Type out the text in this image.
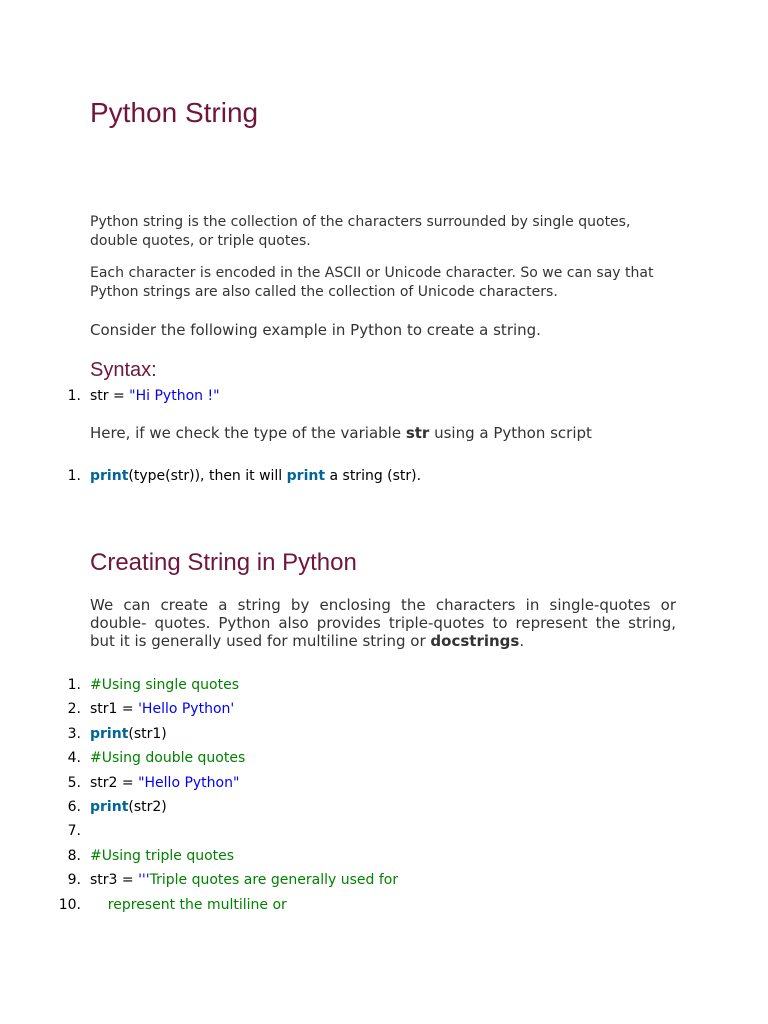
Python String

Python string is the collection of the characters surrounded by single quotes, double quotes, or triple quotes.

Each character is encoded in the ASCII or Unicode character. So we can say that Python strings are also called the collection of Unicode characters.

Consider the following example in Python to create a string.

Syntax:
1. str = "Hi Python !"

Here, if we check the type of the variable str using a Python script

1. print(type(str)), then it will print a string (str).
Creating String in Python

We can create a string by enclosing the characters in single-quotes or double- quotes. Python also provides triple-quotes to represent the string, but it is generally used for multiline string or docstrings.

1. #Using single quotes
2. str1 = 'Hello Python'
3. print(str1)
4. #Using double quotes
5. str2 = "Hello Python"
6. print(str2)
7.
8. #Using triple quotes
9. str3 = '''Triple quotes are generally used for
10. represent the multiline or
